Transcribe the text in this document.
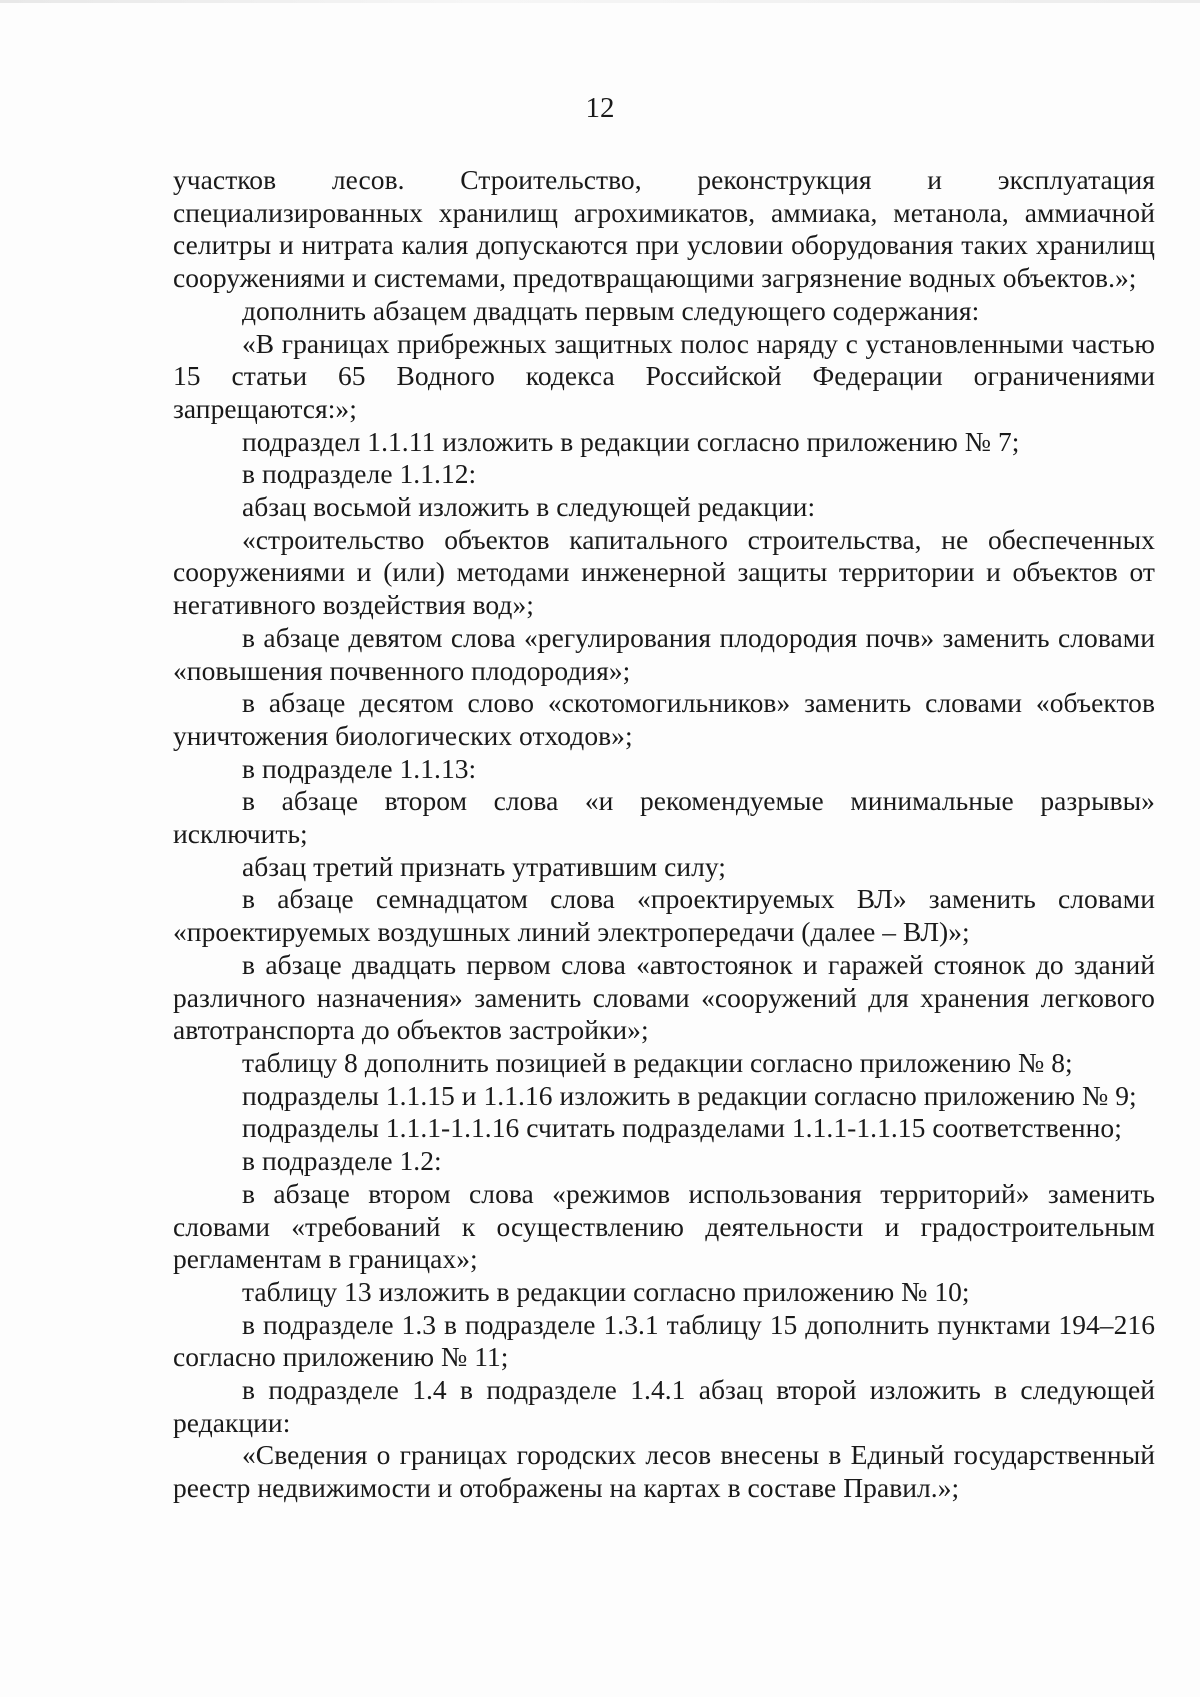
12

участков лесов. Строительство, реконструкция и эксплуатация специализированных хранилищ агрохимикатов, аммиака, метанола, аммиачной селитры и нитрата калия допускаются при условии оборудования таких хранилищ сооружениями и системами, предотвращающими загрязнение водных объектов.»;

дополнить абзацем двадцать первым следующего содержания:

«В границах прибрежных защитных полос наряду с установленными частью 15 статьи 65 Водного кодекса Российской Федерации ограничениями запрещаются:»;

подраздел 1.1.11 изложить в редакции согласно приложению № 7;

в подразделе 1.1.12:

абзац восьмой изложить в следующей редакции:

«строительство объектов капитального строительства, не обеспеченных сооружениями и (или) методами инженерной защиты территории и объектов от негативного воздействия вод»;

в абзаце девятом слова «регулирования плодородия почв» заменить словами «повышения почвенного плодородия»;

в абзаце десятом слово «скотомогильников» заменить словами «объектов уничтожения биологических отходов»;

в подразделе 1.1.13:

в абзаце втором слова «и рекомендуемые минимальные разрывы» исключить;

абзац третий признать утратившим силу;

в абзаце семнадцатом слова «проектируемых ВЛ» заменить словами «проектируемых воздушных линий электропередачи (далее – ВЛ)»;

в абзаце двадцать первом слова «автостоянок и гаражей стоянок до зданий различного назначения» заменить словами «сооружений для хранения легкового автотранспорта до объектов застройки»;

таблицу 8 дополнить позицией в редакции согласно приложению № 8;

подразделы 1.1.15 и 1.1.16 изложить в редакции согласно приложению № 9;

подразделы 1.1.1-1.1.16 считать подразделами 1.1.1-1.1.15 соответственно;

в подразделе 1.2:

в абзаце втором слова «режимов использования территорий» заменить словами «требований к осуществлению деятельности и градостроительным регламентам в границах»;

таблицу 13 изложить в редакции согласно приложению № 10;

в подразделе 1.3 в подразделе 1.3.1 таблицу 15 дополнить пунктами 194–216 согласно приложению № 11;

в подразделе 1.4 в подразделе 1.4.1 абзац второй изложить в следующей редакции:

«Сведения о границах городских лесов внесены в Единый государственный реестр недвижимости и отображены на картах в составе Правил.»;
